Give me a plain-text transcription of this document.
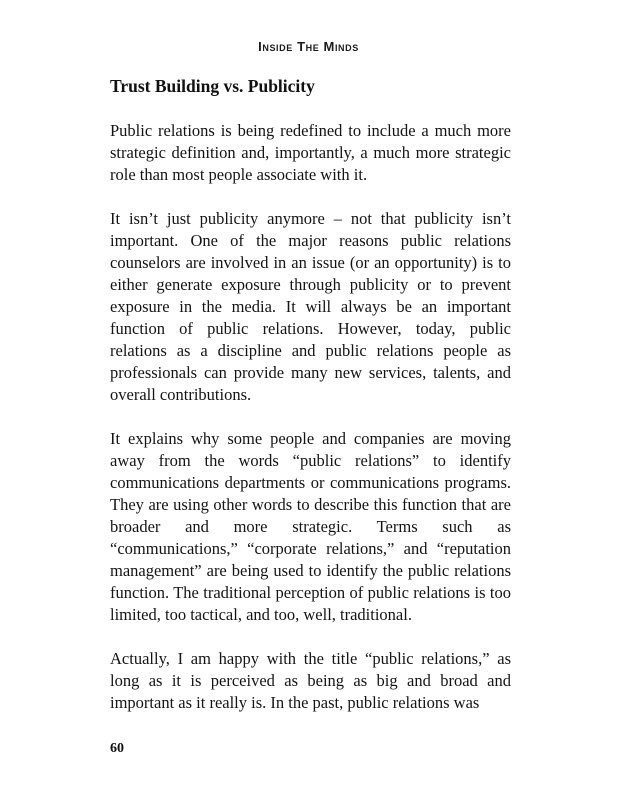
Inside The Minds
Trust Building vs. Publicity

Public relations is being redefined to include a much more strategic definition and, importantly, a much more strategic role than most people associate with it.

It isn’t just publicity anymore – not that publicity isn’t important. One of the major reasons public relations counselors are involved in an issue (or an opportunity) is to either generate exposure through publicity or to prevent exposure in the media. It will always be an important function of public relations. However, today, public relations as a discipline and public relations people as professionals can provide many new services, talents, and overall contributions.

It explains why some people and companies are moving away from the words “public relations” to identify communications departments or communications programs. They are using other words to describe this function that are broader and more strategic. Terms such as “communications,” “corporate relations,” and “reputation management” are being used to identify the public relations function. The traditional perception of public relations is too limited, too tactical, and too, well, traditional.

Actually, I am happy with the title “public relations,” as long as it is perceived as being as big and broad and important as it really is. In the past, public relations was

60
